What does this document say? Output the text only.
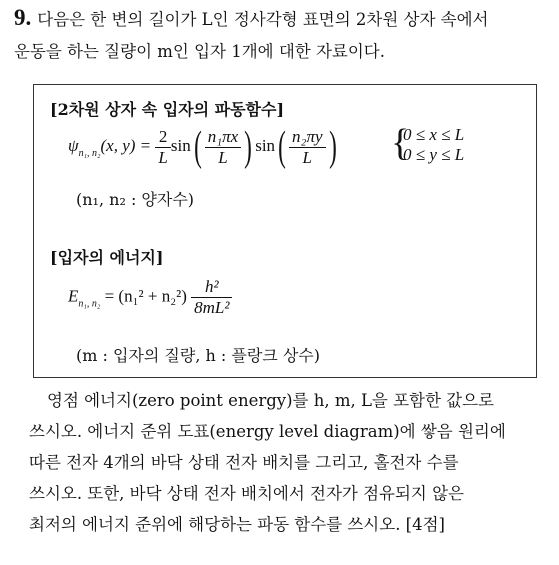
9. 다음은 한 변의 길이가 L인 정사각형 표면의 2차원 상자 속에서
운동을 하는 질량이 m인 입자 1개에 대한 자료이다.
[2차원 상자 속 입자의 파동함수]
$\psi_{n_1, n_2}(x$, $y) = \frac{2}{L} \sin( \frac{\text{n₁πx}}{L}$ ) $\sin( \frac{\text{n₂πy}}{L}$ ) {
0 ≤ x ≤ L
0 ≤ y ≤ L
(n₁, n₂ : 양자수)
[입자의 에너지]
$E_{n_1, n_2} = (n_1^2 + n_2^2) \frac{\text{h²}}{\text{8mL²}}$
(m : 입자의 질량, h : 플랑크 상수)
영점 에너지(zero point energy)를 h, m, L을 포함한 값으로
쓰시오. 에너지 준위 도표(energy level diagram)에 쌓음 원리에
따른 전자 4개의 바닥 상태 전자 배치를 그리고, 홀전자 수를
쓰시오. 또한, 바닥 상태 전자 배치에서 전자가 점유되지 않은
최저의 에너지 준위에 해당하는 파동 함수를 쓰시오. [4점]
